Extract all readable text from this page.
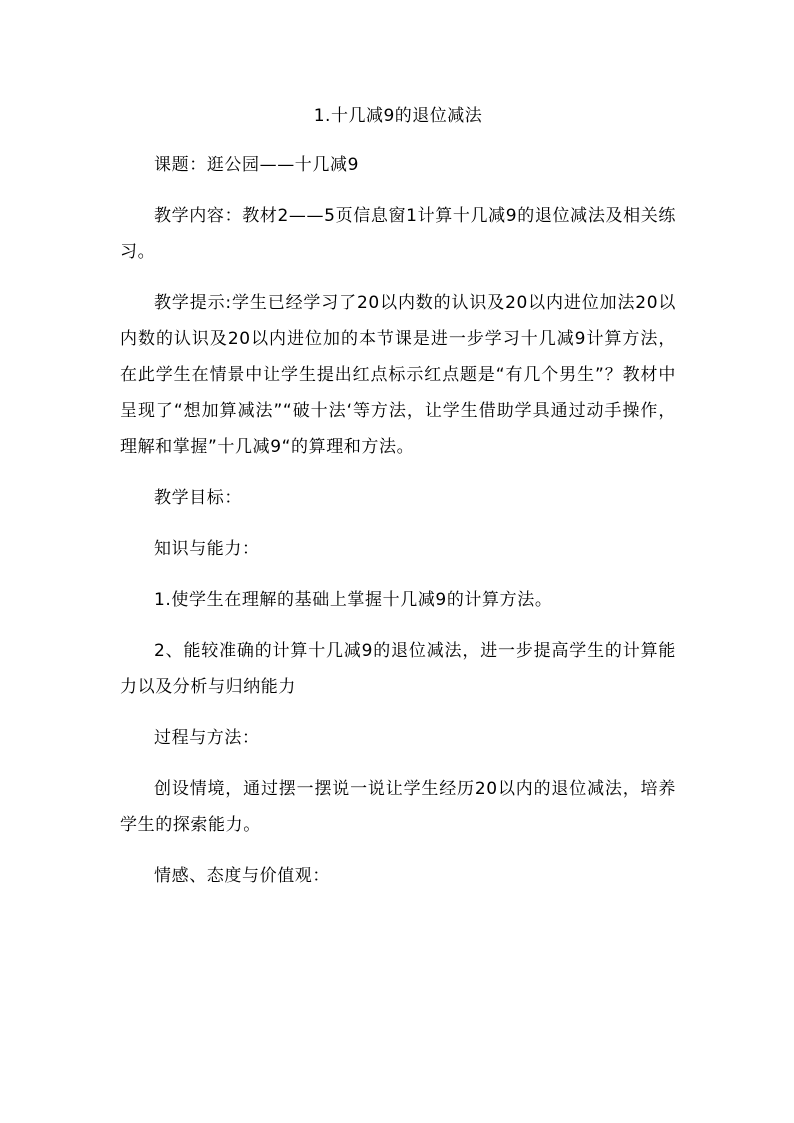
1.十几减9的退位减法

课题：逛公园——十几减9

教学内容：教材2——5页信息窗1计算十几减9的退位减法及相关练习。

教学提示:学生已经学习了20以内数的认识及20以内进位加法20以内数的认识及20以内进位加的本节课是进一步学习十几减9计算方法，在此学生在情景中让学生提出红点标示红点题是“有几个男生”？教材中呈现了“想加算减法”“破十法‘等方法，让学生借助学具通过动手操作，理解和掌握”十几减9“的算理和方法。

教学目标：

知识与能力：

1.使学生在理解的基础上掌握十几减9的计算方法。

2、能较准确的计算十几减9的退位减法，进一步提高学生的计算能力以及分析与归纳能力

过程与方法：

创设情境，通过摆一摆说一说让学生经历20以内的退位减法，培养学生的探索能力。

情感、态度与价值观：
